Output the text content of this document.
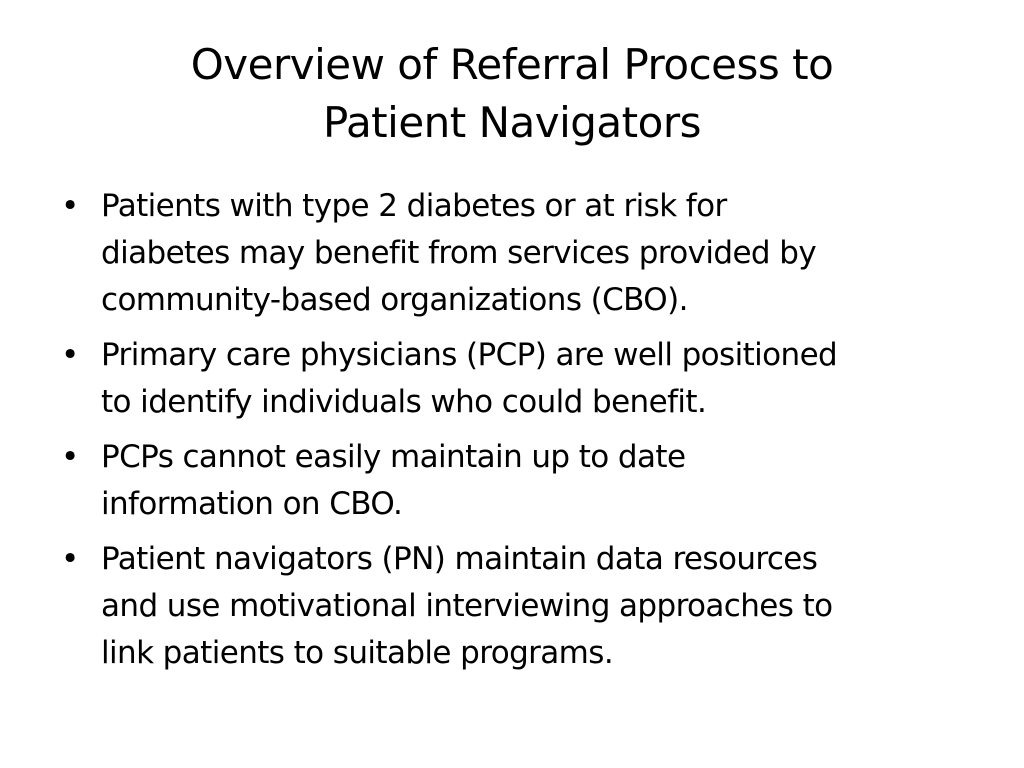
Overview of Referral Process to
Patient Navigators
• Patients with type 2 diabetes or at risk for
diabetes may benefit from services provided by
community-based organizations (CBO).
• Primary care physicians (PCP) are well positioned
to identify individuals who could benefit.
• PCPs cannot easily maintain up to date
information on CBO.
• Patient navigators (PN) maintain data resources
and use motivational interviewing approaches to
link patients to suitable programs.
